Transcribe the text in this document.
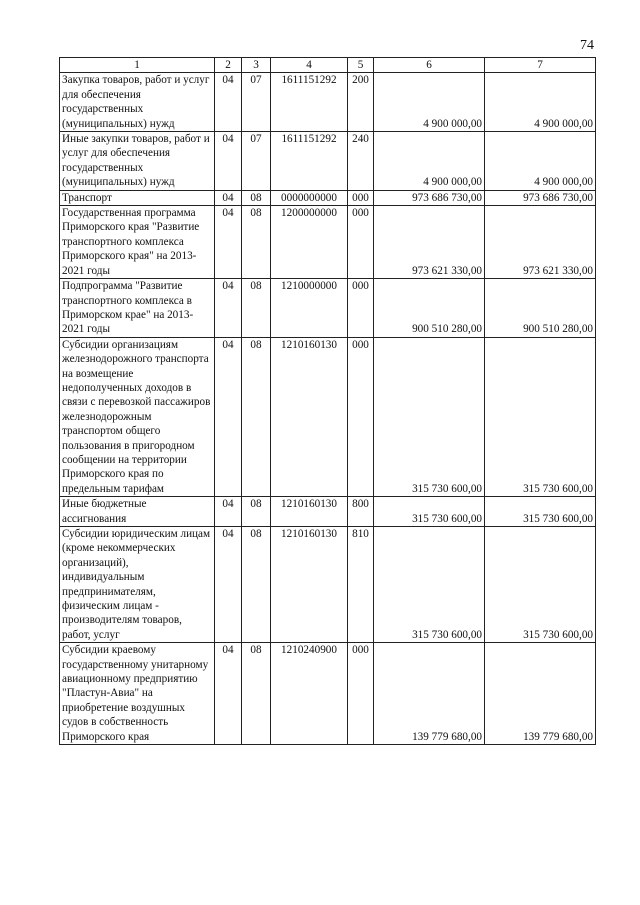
74
1	2	3	4	5	6	7
Закупка товаров, работ и услуг для обеспечения государственных (муниципальных) нужд	04	07	1611151292	200	4 900 000,00	4 900 000,00
Иные закупки товаров, работ и услуг для обеспечения государственных (муниципальных) нужд	04	07	1611151292	240	4 900 000,00	4 900 000,00
Транспорт	04	08	0000000000	000	973 686 730,00	973 686 730,00
Государственная программа Приморского края "Развитие транспортного комплекса Приморского края" на 2013-2021 годы	04	08	1200000000	000	973 621 330,00	973 621 330,00
Подпрограмма "Развитие транспортного комплекса в Приморском крае" на 2013-2021 годы	04	08	1210000000	000	900 510 280,00	900 510 280,00
Субсидии организациям железнодорожного транспорта на возмещение недополученных доходов в связи с перевозкой пассажиров железнодорожным транспортом общего пользования в пригородном сообщении на территории Приморского края по предельным тарифам	04	08	1210160130	000	315 730 600,00	315 730 600,00
Иные бюджетные ассигнования	04	08	1210160130	800	315 730 600,00	315 730 600,00
Субсидии юридическим лицам (кроме некоммерческих организаций), индивидуальным предпринимателям, физическим лицам - производителям товаров, работ, услуг	04	08	1210160130	810	315 730 600,00	315 730 600,00
Субсидии краевому государственному унитарному авиационному предприятию "Пластун-Авиа" на приобретение воздушных судов в собственность Приморского края	04	08	1210240900	000	139 779 680,00	139 779 680,00
